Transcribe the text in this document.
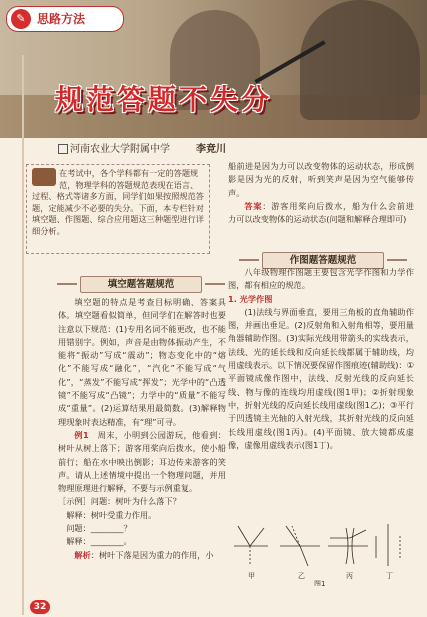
✎ 思路方法
规范答题不失分
河南农业大学附属中学	李竞川
在考试中，各个学科都有一定的答题规范，物理学科的答题规范表现在语言、过程、格式等诸多方面，同学们如果按照规范答题，定能减少不必要的失分。下面，本专栏针对填空题、作图题、综合应用题这三种题型进行详细分析。
填空题答题规范

填空题的特点是考查目标明确、答案具体。填空题看似简单，但同学们在解答时也要注意以下规范：(1)专用名词不能更改，也不能用错别字。例如，声音是由物体振动产生，不能将“振动”写成“震动”；物态变化中的“熔化”不能写成“融化”，“汽化”不能写成“气化”，“蒸发”不能写成“挥发”；光学中的“凸透镜”不能写成“凸镜”；力学中的“质量”不能写成“重量”。(2)运算结果用最简数。(3)解释物理现象时表达精准，有“理”可寻。

例1　 周末，小明到公园游玩，他看到：树叶从树上落下；游客用桨向后拨水，使小船前行；船在水中映出倒影；耳边传来游客的笑声。请从上述情境中提出一个物理问题，并用物理原理进行解释，不要与示例重复。

［示例］问题：树叶为什么落下？

解释：树叶受重力作用。

问题：________？

解释：________。

解析：树叶下落是因为重力的作用，小

船前进是因为力可以改变物体的运动状态，形成倒影是因为光的反射，听到笑声是因为空气能够传声。

答案：游客用桨向后拨水，船为什么会前进　力可以改变物体的运动状态(问题和解释合理即可)

作图题答题规范

八年级物理作图题主要包含光学作图和力学作图，都有相应的规范。

1. 光学作图

(1)法线与界面垂直，要用三角板的直角辅助作图，并画出垂足。(2)反射角和入射角相等，要用量角器辅助作图。(3)实际光线用带箭头的实线表示，法线、光的延长线和反向延长线都属于辅助线，均用虚线表示。以下情况要保留作图痕迹(辅助线)：①平面镜成像作图中，法线、反射光线的反向延长线、物与像的连线均用虚线(图1甲)；②折射现象中，折射光线的反向延长线用虚线(图1乙)；③平行于凹透镜主光轴的入射光线，其折射光线的反向延长线用虚线(图1丙)。(4)平面镜、放大镜都成虚像，虚像用虚线表示(图1丁)。

甲	乙	丙	丁
图1
32
